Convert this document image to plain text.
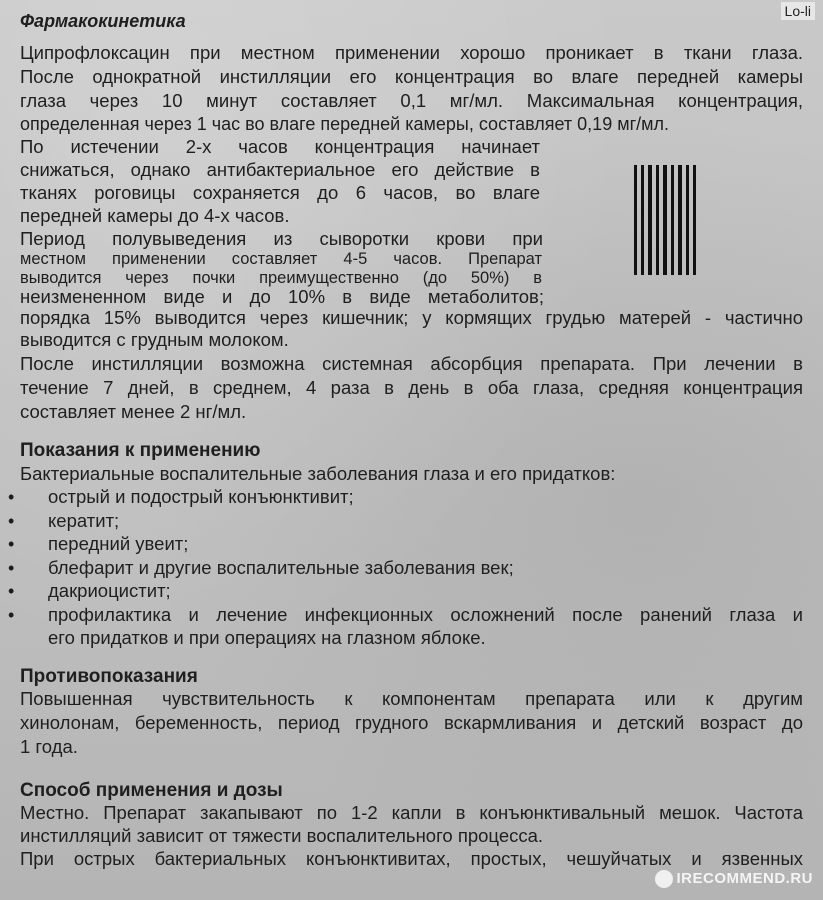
Lo-li
Фармакокинетика
Ципрофлоксацин при местном применении хорошо проникает в ткани глаза.
После однократной инстилляции его концентрация во влаге передней камеры
глаза через 10 минут составляет 0,1 мг/мл. Максимальная концентрация,
определенная через 1 час во влаге передней камеры, составляет 0,19 мг/мл.
По истечении 2-х часов концентрация начинает
снижаться, однако антибактериальное его действие в
тканях роговицы сохраняется до 6 часов, во влаге
передней камеры до 4-х часов.
Период полувыведения из сыворотки крови при
местном применении составляет 4-5 часов. Препарат
выводится через почки преимущественно (до 50%) в
неизмененном виде и до 10% в виде метаболитов;
порядка 15% выводится через кишечник; у кормящих грудью матерей - частично
выводится с грудным молоком.
После инстилляции возможна системная абсорбция препарата. При лечении в
течение 7 дней, в среднем, 4 раза в день в оба глаза, средняя концентрация
составляет менее 2 нг/мл.
Показания к применению
Бактериальные воспалительные заболевания глаза и его придатков:
• острый и подострый конъюнктивит;
• кератит;
• передний увеит;
• блефарит и другие воспалительные заболевания век;
• дакриоцистит;
• профилактика и лечение инфекционных осложнений после ранений глаза и
его придатков и при операциях на глазном яблоке.
Противопоказания
Повышенная чувствительность к компонентам препарата или к другим
хинолонам, беременность, период грудного вскармливания и детский возраст до
1 года.
Способ применения и дозы
Местно. Препарат закапывают по 1-2 капли в конъюнктивальный мешок. Частота
инстилляций зависит от тяжести воспалительного процесса.
При острых бактериальных конъюнктивитах, простых, чешуйчатых и язвенных
IRECOMMEND.RU
